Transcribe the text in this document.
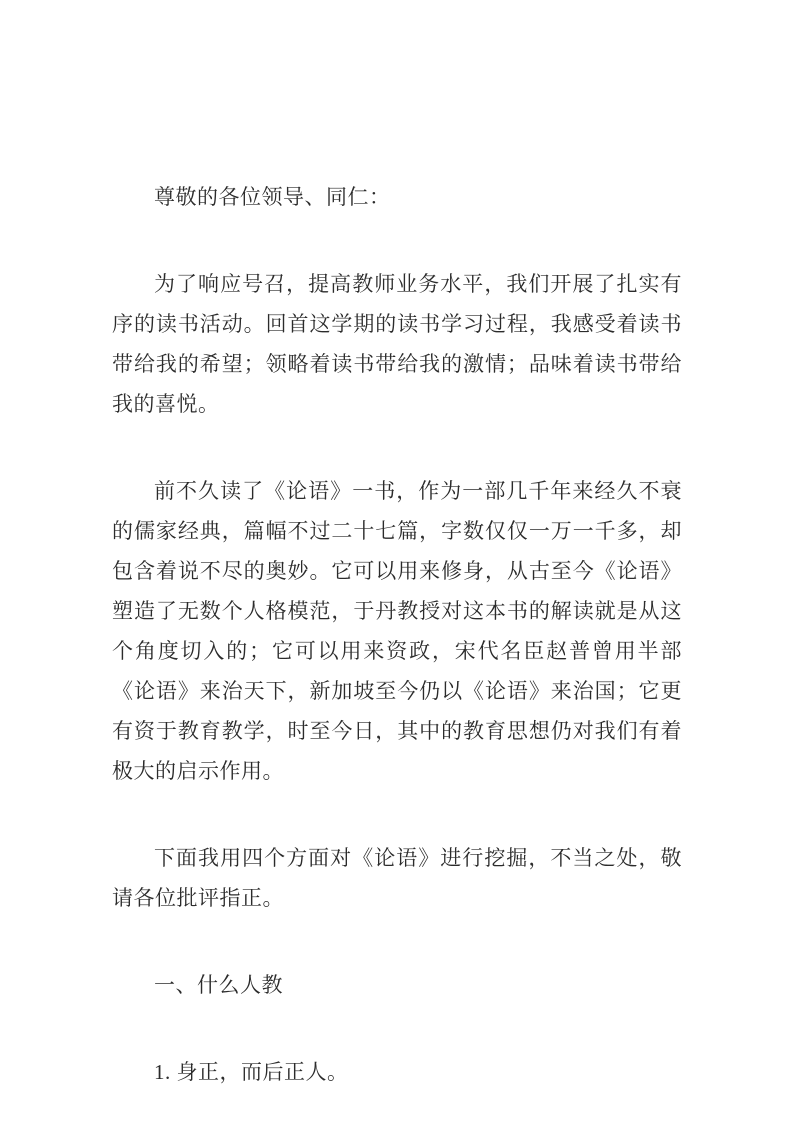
尊敬的各位领导、同仁：

为了响应号召，提高教师业务水平，我们开展了扎实有序的读书活动。回首这学期的读书学习过程，我感受着读书带给我的希望；领略着读书带给我的激情；品味着读书带给我的喜悦。

前不久读了《论语》一书，作为一部几千年来经久不衰的儒家经典，篇幅不过二十七篇，字数仅仅一万一千多，却包含着说不尽的奥妙。它可以用来修身，从古至今《论语》塑造了无数个人格模范，于丹教授对这本书的解读就是从这个角度切入的；它可以用来资政，宋代名臣赵普曾用半部《论语》来治天下，新加坡至今仍以《论语》来治国；它更有资于教育教学，时至今日，其中的教育思想仍对我们有着极大的启示作用。

下面我用四个方面对《论语》进行挖掘，不当之处，敬请各位批评指正。

一、什么人教

1. 身正，而后正人。
